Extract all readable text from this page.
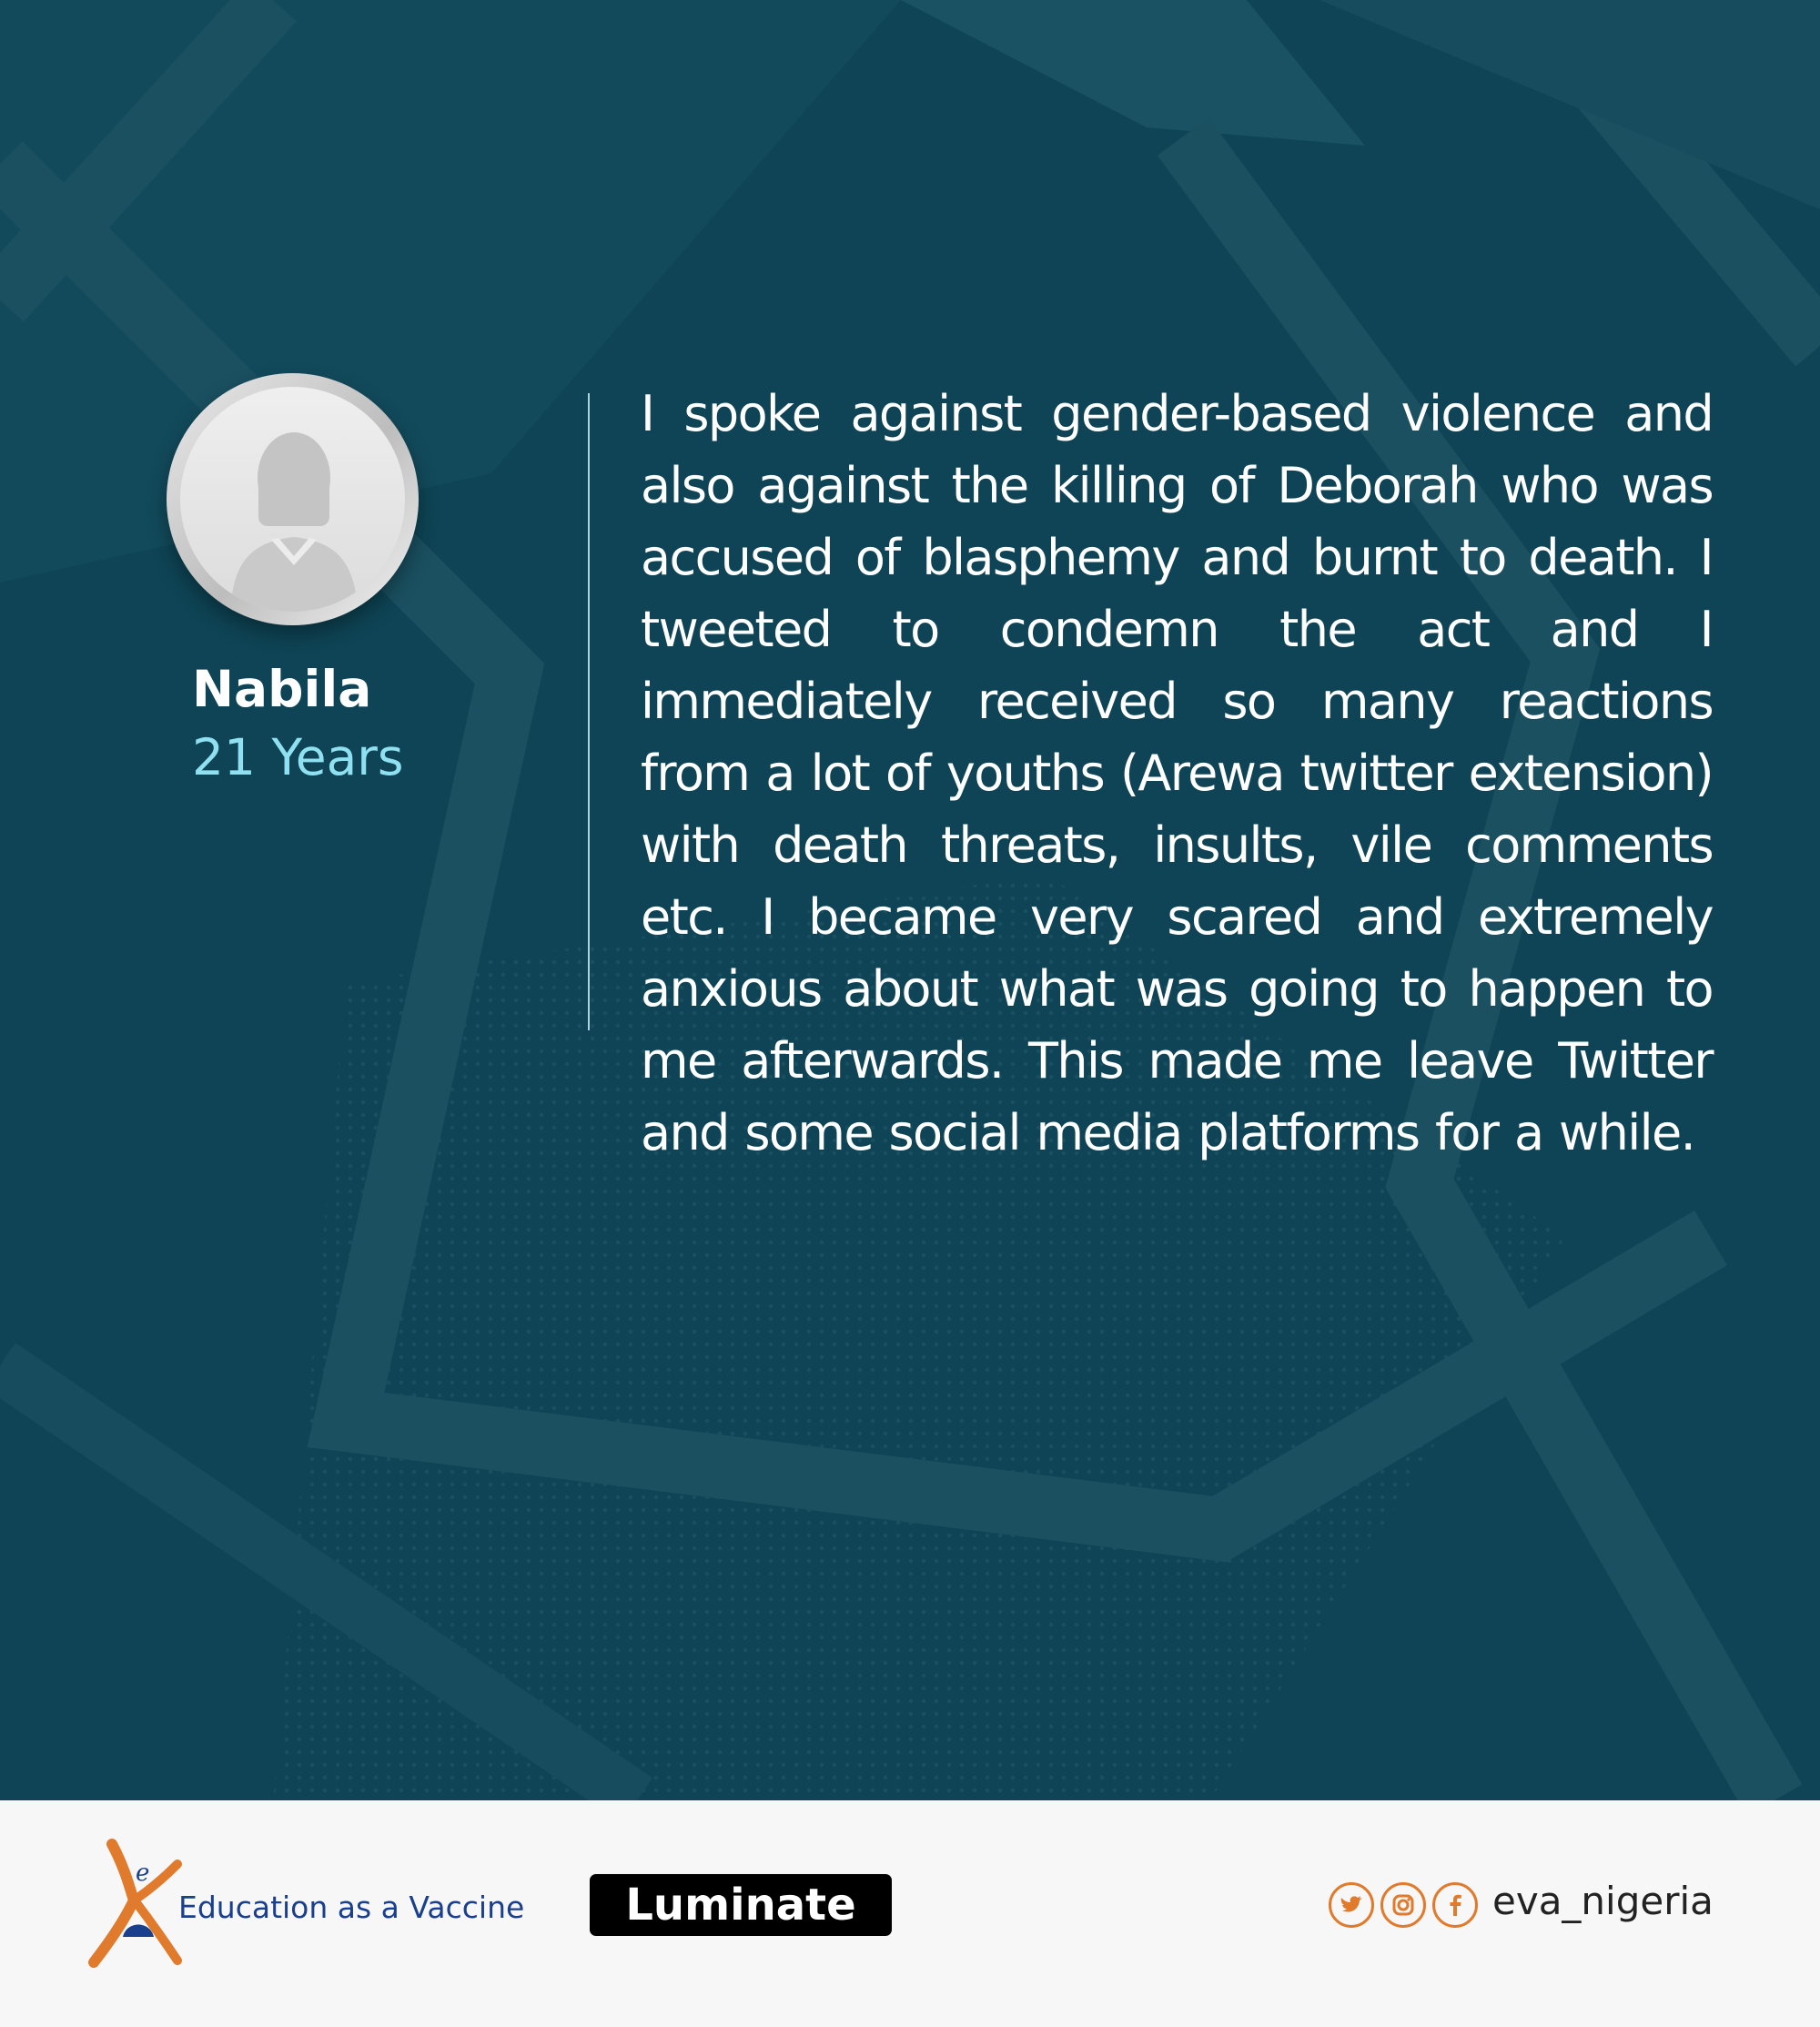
Nabila
21 Years

I spoke against gender-based violence and also against the killing of Deborah who was accused of blasphemy and burnt to death. I tweeted to condemn the act and I immediately received so many reactions from a lot of youths (Arewa twitter extension) with death threats, insults, vile comments etc. I became very scared and extremely anxious about what was going to happen to me afterwards. This made me leave Twitter and some social media platforms for a while.

e
Education as a Vaccine	Luminate	eva_nigeria
